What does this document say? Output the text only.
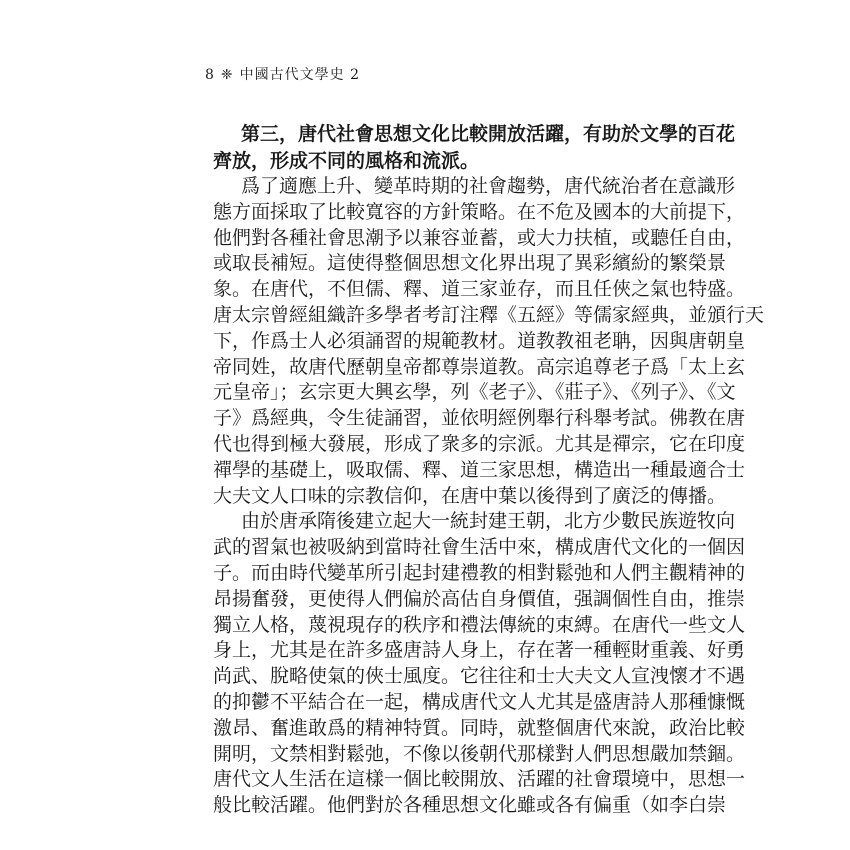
8 ❈ 中國古代文學史 2
第三，唐代社會思想文化比較開放活躍，有助於文學的百花
齊放，形成不同的風格和流派。
爲了適應上升、變革時期的社會趨勢，唐代統治者在意識形
態方面採取了比較寬容的方針策略。在不危及國本的大前提下，
他們對各種社會思潮予以兼容並蓄，或大力扶植，或聽任自由，
或取長補短。這使得整個思想文化界出現了異彩繽紛的繁榮景
象。在唐代，不但儒、釋、道三家並存，而且任俠之氣也特盛。
唐太宗曾經組織許多學者考訂注釋《五經》等儒家經典，並頒行天
下，作爲士人必須誦習的規範教材。道教教祖老聃，因與唐朝皇
帝同姓，故唐代歷朝皇帝都尊崇道教。高宗追尊老子爲「太上玄
元皇帝」；玄宗更大興玄學，列《老子》、《莊子》、《列子》、《文
子》爲經典，令生徒誦習，並依明經例舉行科舉考試。佛教在唐
代也得到極大發展，形成了衆多的宗派。尤其是禪宗，它在印度
禪學的基礎上，吸取儒、釋、道三家思想，構造出一種最適合士
大夫文人口味的宗教信仰，在唐中葉以後得到了廣泛的傳播。
由於唐承隋後建立起大一統封建王朝，北方少數民族遊牧向
武的習氣也被吸納到當時社會生活中來，構成唐代文化的一個因
子。而由時代變革所引起封建禮教的相對鬆弛和人們主觀精神的
昂揚奮發，更使得人們偏於高估自身價值，强調個性自由，推崇
獨立人格，蔑視現存的秩序和禮法傳統的束縛。在唐代一些文人
身上，尤其是在許多盛唐詩人身上，存在著一種輕財重義、好勇
尚武、脫略使氣的俠士風度。它往往和士大夫文人宣洩懷才不遇
的抑鬱不平結合在一起，構成唐代文人尤其是盛唐詩人那種慷慨
激昂、奮進敢爲的精神特質。同時，就整個唐代來說，政治比較
開明，文禁相對鬆弛，不像以後朝代那樣對人們思想嚴加禁錮。
唐代文人生活在這樣一個比較開放、活躍的社會環境中，思想一
般比較活躍。他們對於各種思想文化雖或各有偏重（如李白崇
